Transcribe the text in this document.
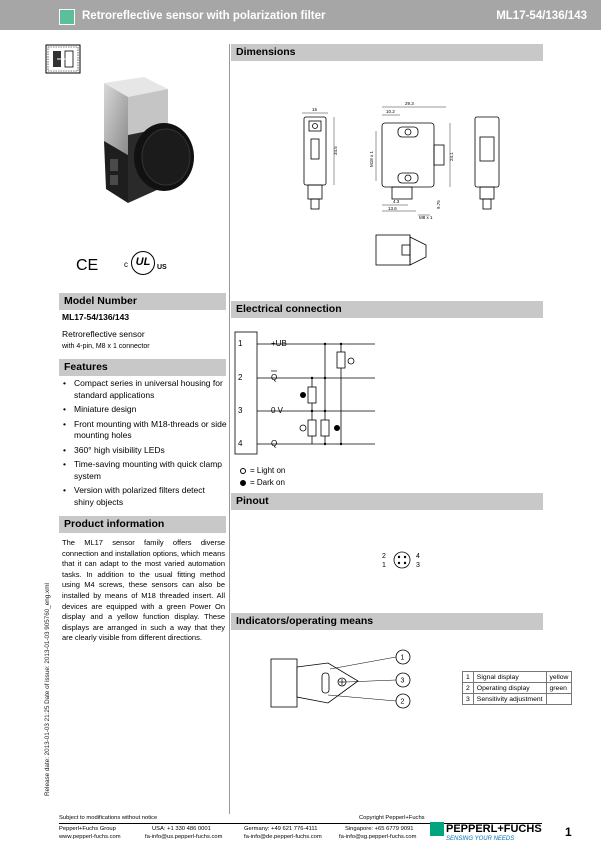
Retroreflective sensor with polarization filter	ML17-54/136/143
CE	c UL US
Model Number
ML17-54/136/143
Retroreflective sensor
with 4-pin, M8 x 1 connector
Features
• Compact series in universal housing for standard applications
• Miniature design
• Front mounting with M18-threads or side mounting holes
• 360° high visibility LEDs
• Time-saving mounting with quick clamp system
• Version with polarized filters detect shiny objects
Product information
The ML17 sensor family offers diverse connection and installation options, which means that it can adapt to the most varied automation tasks. In addition to the usual fitting method using M4 screws, these sensors can also be installed by means of M18 threaded insert. All devices are equipped with a green Power On display and a yellow function display. These displays are arranged in such a way that they are clearly visible from different directions.
Release date: 2013-01-03 21:25 Date of issue: 2013-01-03 905760_eng.xml
Dimensions
15
34.5
29.3
10.2
M18 x 1	24.1
4.3
13.6
M8 x 1
9.75
Electrical connection
1
2
3
4
+UB
Q
0 V
Q
= Light on
= Dark on
Pinout
2	4
1	3
Indicators/operating means
1
3
2
1	Signal display	yellow
2	Operating display	green
3	Sensitivity adjustment	
Subject to modifications without notice	Copyright Pepperl+Fuchs
Pepperl+Fuchs Group
www.pepperl-fuchs.com
USA: +1 330 486 0001
fa-info@us.pepperl-fuchs.com
Germany: +49 621 776-4111
fa-info@de.pepperl-fuchs.com
Singapore: +65 6779 9091
fa-info@sg.pepperl-fuchs.com
PEPPERL+FUCHS
SENSING YOUR NEEDS	1
